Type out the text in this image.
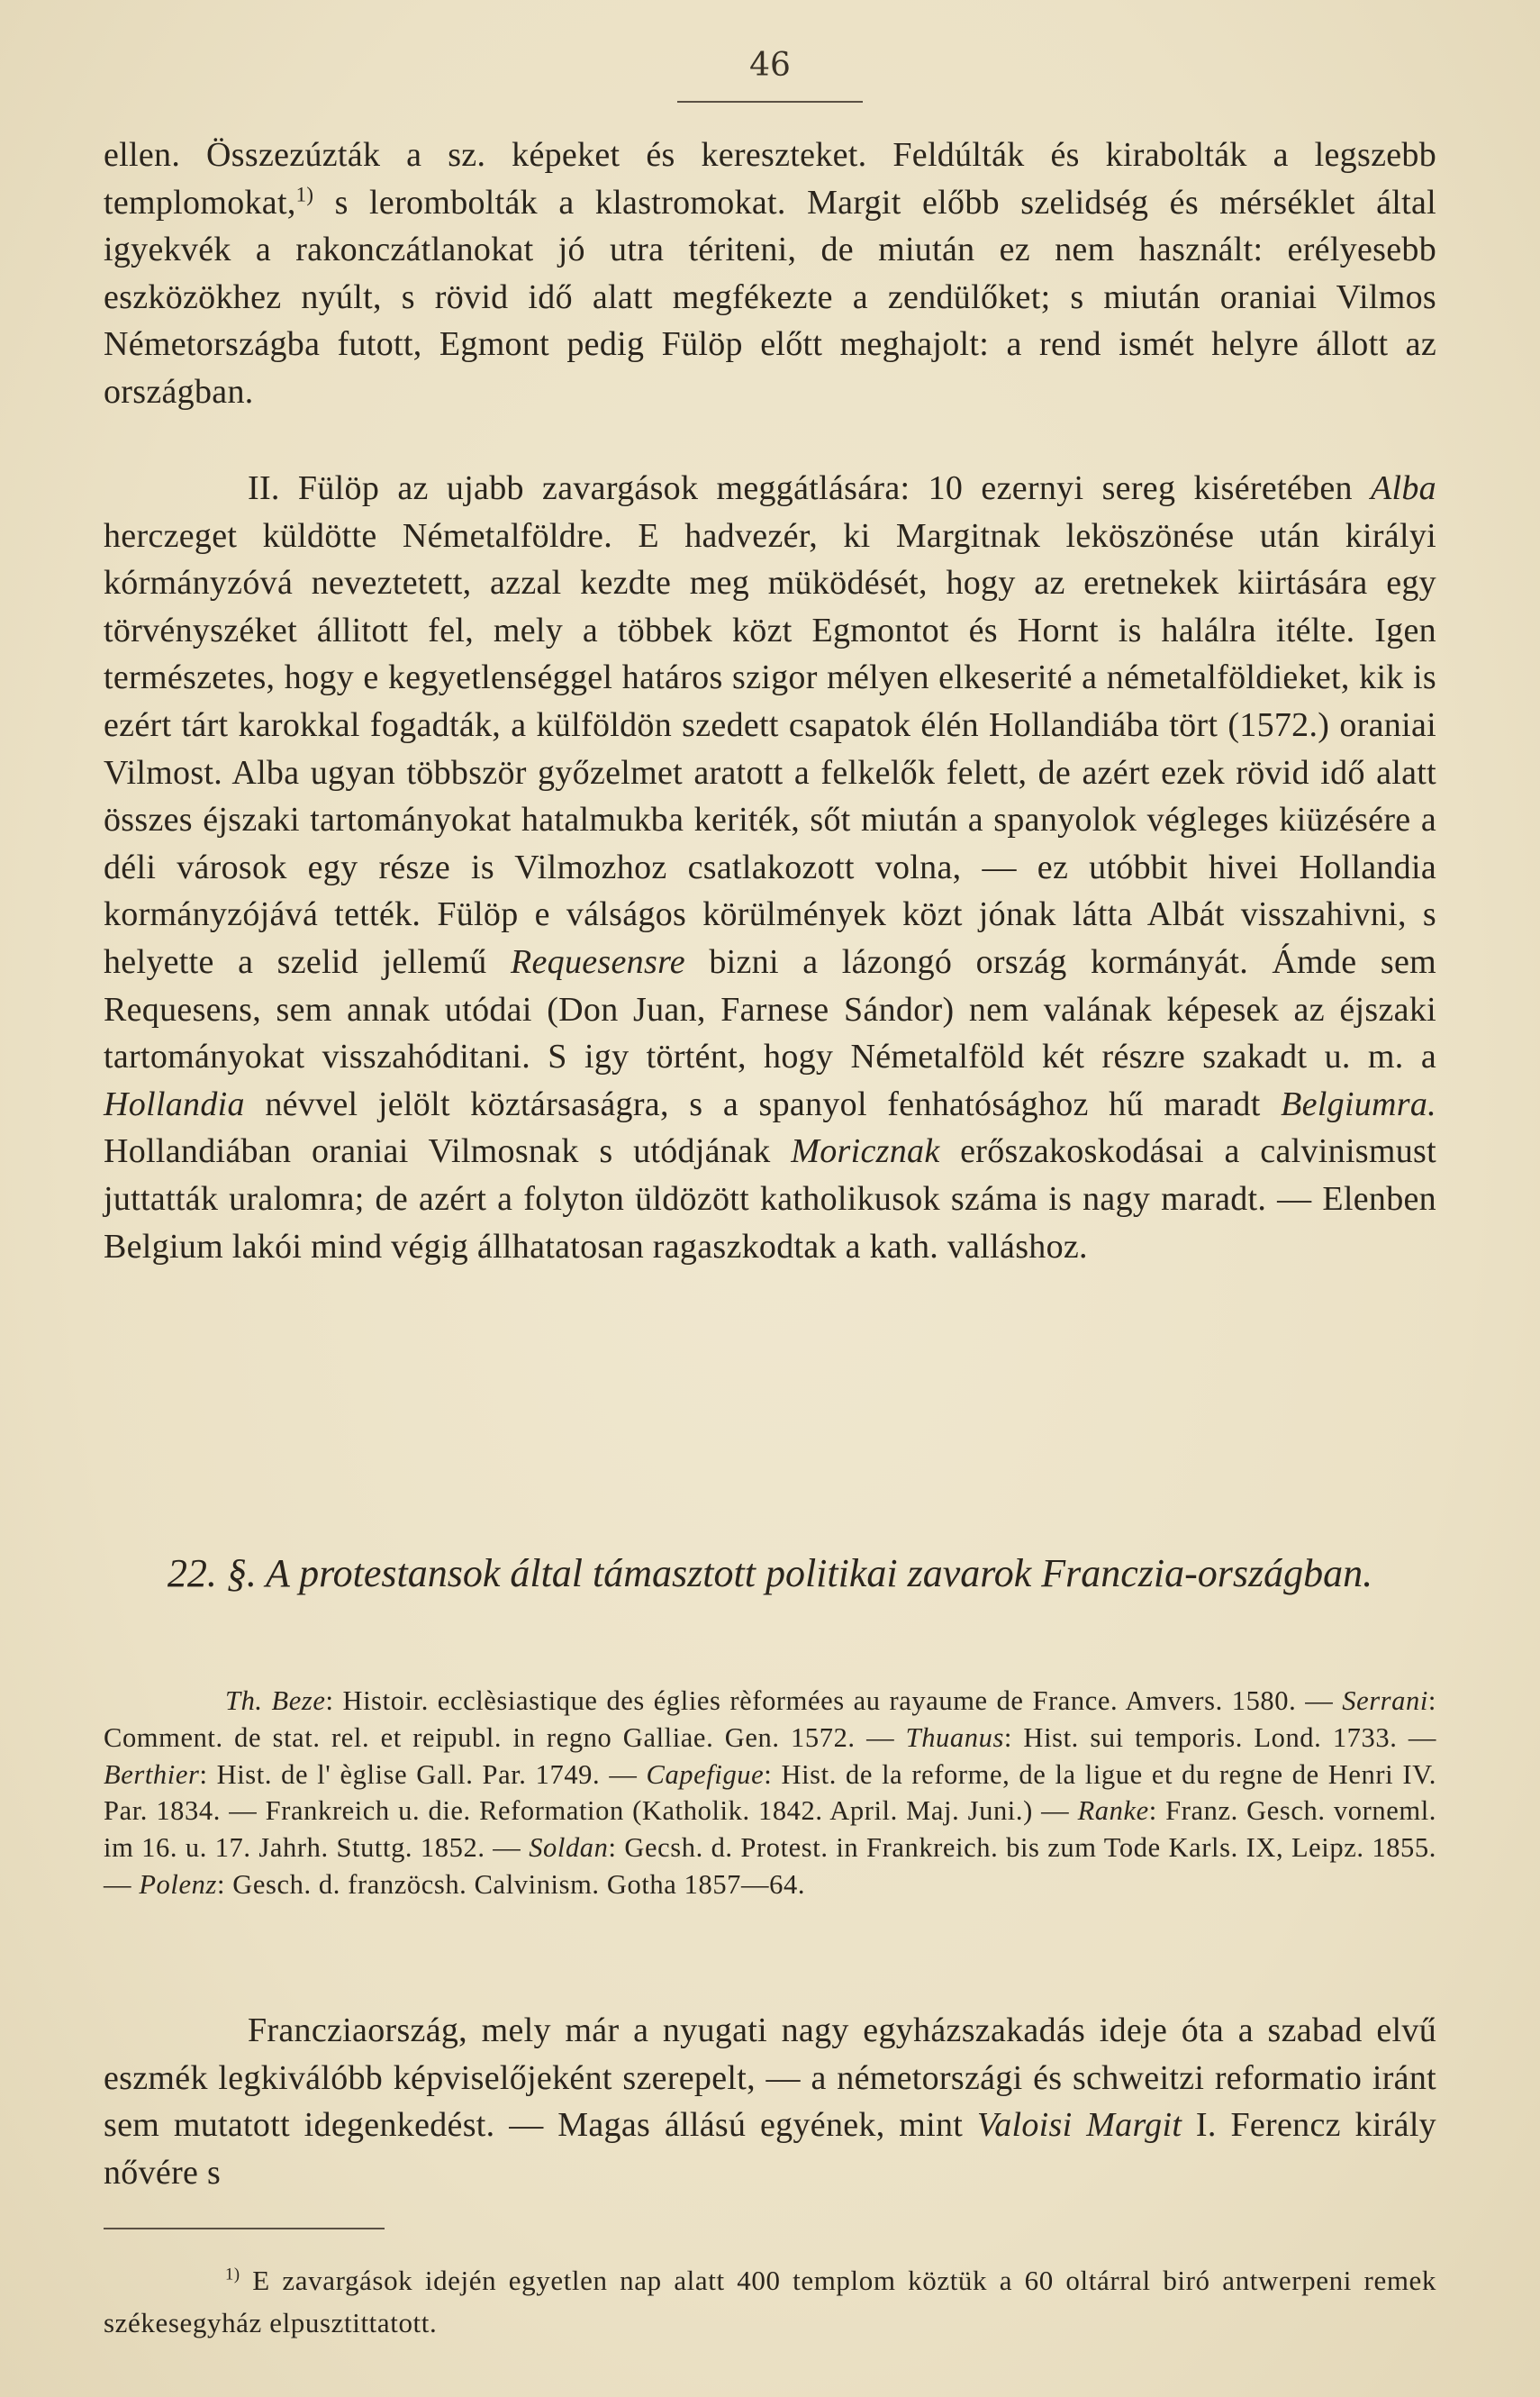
46

ellen. Összezúzták a sz. képeket és kereszteket. Feldúlták és kirabolták a legszebb templomokat,$^{1)}$ s lerombolták a klastromokat. Margit előbb szelidség és mérséklet által igyekvék a rakonczátlanokat jó utra tériteni, de miután ez nem használt: erélyesebb eszközökhez nyúlt, s rövid idő alatt megfékezte a zendülőket; s miután oraniai Vilmos Németországba futott, Egmont pedig Fülöp előtt meghajolt: a rend ismét helyre állott az országban.

II. Fülöp az ujabb zavargások meggátlására: 10 ezernyi sereg kiséretében Alba herczeget küldötte Németalföldre. E hadvezér, ki Margitnak leköszönése után királyi kórmányzóvá neveztetett, azzal kezdte meg müködését, hogy az eretnekek kiirtására egy törvényszéket állitott fel, mely a többek közt Egmontot és Hornt is halálra itélte. Igen természetes, hogy e kegyetlenséggel határos szigor mélyen elkeserité a németalföldieket, kik is ezért tárt karokkal fogadták, a külföldön szedett csapatok élén Hollandiába tört (1572.) oraniai Vilmost. Alba ugyan többször győzelmet aratott a felkelők felett, de azért ezek rövid idő alatt összes éjszaki tartományokat hatalmukba keriték, sőt miután a spanyolok végleges kiüzésére a déli városok egy része is Vilmozhoz csatlakozott volna, — ez utóbbit hivei Hollandia kormányzójává tették. Fülöp e válságos körülmények közt jónak látta Albát visszahivni, s helyette a szelid jellemű Requesensre bizni a lázongó ország kormányát. Ámde sem Requesens, sem annak utódai (Don Juan, Farnese Sándor) nem valának képesek az éjszaki tartományokat visszahóditani. S igy történt, hogy Németalföld két részre szakadt u. m. a Hollandia névvel jelölt köztársaságra, s a spanyol fenhatósághoz hű maradt Belgiumra. Hollandiában oraniai Vilmosnak s utódjának Moricznak erőszakoskodásai a calvinismust juttatták uralomra; de azért a folyton üldözött katholikusok száma is nagy maradt. — Elenben Belgium lakói mind végig állhatatosan ragaszkodtak a kath. valláshoz.

22. §. A protestansok által támasztott politikai zavarok Franczia-országban.

Th. Beze: Histoir. ecclèsiastique des églies rèformées au rayaume de France. Amvers. 1580. — Serrani: Comment. de stat. rel. et reipubl. in regno Galliae. Gen. 1572. — Thuanus: Hist. sui temporis. Lond. 1733. — Berthier: Hist. de l' èglise Gall. Par. 1749. — Capefigue: Hist. de la reforme, de la ligue et du regne de Henri IV. Par. 1834. — Frankreich u. die. Reformation (Katholik. 1842. April. Maj. Juni.) — Ranke: Franz. Gesch. vorneml. im 16. u. 17. Jahrh. Stuttg. 1852. — Soldan: Gecsh. d. Protest. in Frankreich. bis zum Tode Karls. IX, Leipz. 1855. — Polenz: Gesch. d. franzöcsh. Calvinism. Gotha 1857—64.

Francziaország, mely már a nyugati nagy egyházszakadás ideje óta a szabad elvű eszmék legkiválóbb képviselőjeként szerepelt, — a németországi és schweitzi reformatio iránt sem mutatott idegenkedést. — Magas állású egyének, mint Valoisi Margit I. Ferencz király nővére s

$^{1)}$ E zavargások idején egyetlen nap alatt 400 templom köztük a 60 oltárral biró antwerpeni remek székesegyház elpusztittatott.
